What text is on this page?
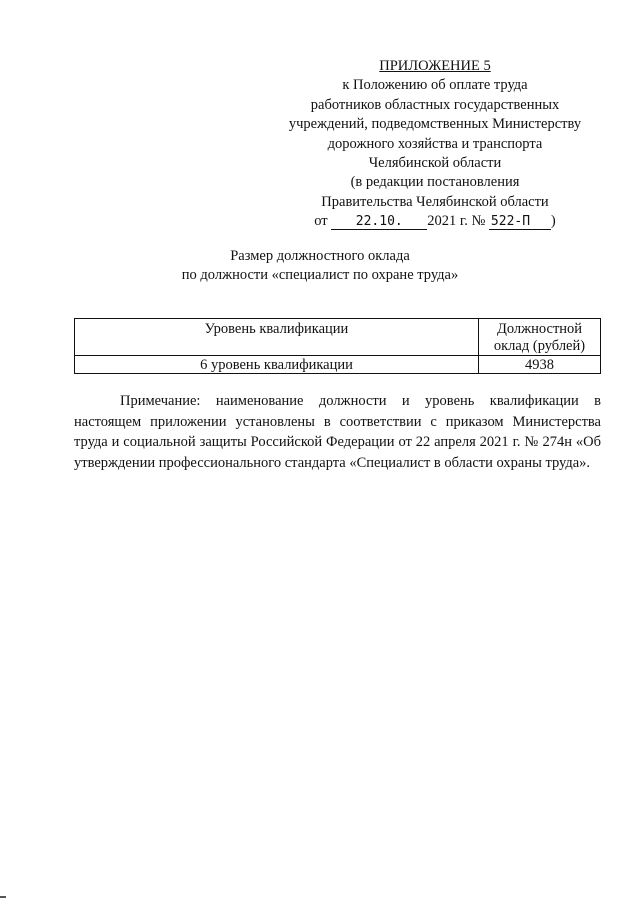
ПРИЛОЖЕНИЕ 5
к Положению об оплате труда
работников областных государственных
учреждений, подведомственных Министерству
дорожного хозяйства и транспорта
Челябинской области
(в редакции постановления
Правительства Челябинской области
от 22.10. 2021 г. № 522-П )
Размер должностного оклада
по должности «специалист по охране труда»
Уровень квалификации	Должностной оклад (рублей)
6 уровень квалификации	4938
Примечание: наименование должности и уровень квалификации в настоящем приложении установлены в соответствии с приказом Министерства труда и социальной защиты Российской Федерации от 22 апреля 2021 г. № 274н «Об утверждении профессионального стандарта «Специалист в области охраны труда».
